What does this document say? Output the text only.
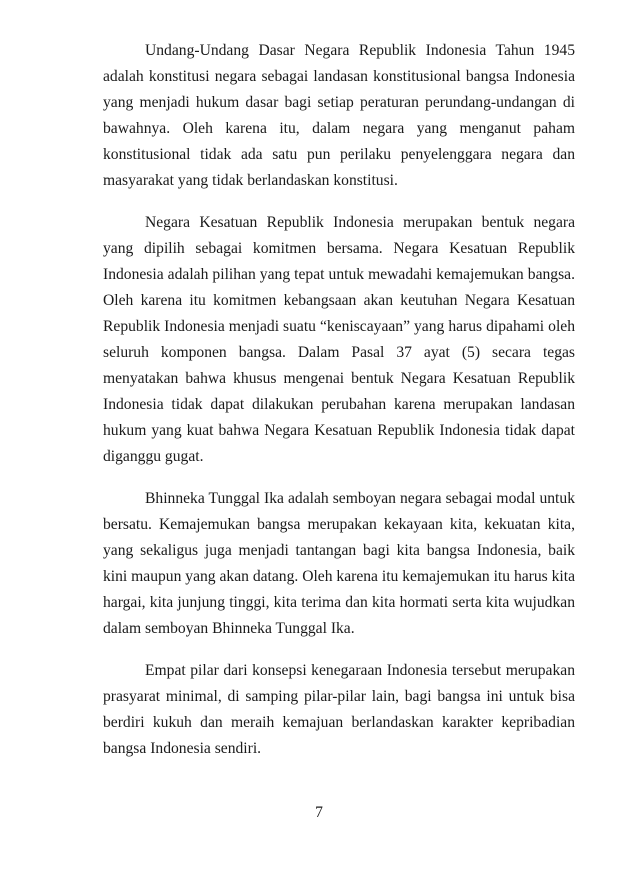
Undang-Undang Dasar Negara Republik Indonesia Tahun 1945 adalah konstitusi negara sebagai landasan konstitusional bangsa Indonesia yang menjadi hukum dasar bagi setiap peraturan perundang-undangan di bawahnya. Oleh karena itu, dalam negara yang menganut paham konstitusional tidak ada satu pun perilaku penyelenggara negara dan masyarakat yang tidak berlandaskan konstitusi.

Negara Kesatuan Republik Indonesia merupakan bentuk negara yang dipilih sebagai komitmen bersama. Negara Kesatuan Republik Indonesia adalah pilihan yang tepat untuk mewadahi kemajemukan bangsa. Oleh karena itu komitmen kebangsaan akan keutuhan Negara Kesatuan Republik Indonesia menjadi suatu “keniscayaan” yang harus dipahami oleh seluruh komponen bangsa. Dalam Pasal 37 ayat (5) secara tegas menyatakan bahwa khusus mengenai bentuk Negara Kesatuan Republik Indonesia tidak dapat dilakukan perubahan karena merupakan landasan hukum yang kuat bahwa Negara Kesatuan Republik Indonesia tidak dapat diganggu gugat.

Bhinneka Tunggal Ika adalah semboyan negara sebagai modal untuk bersatu. Kemajemukan bangsa merupakan kekayaan kita, kekuatan kita, yang sekaligus juga menjadi tantangan bagi kita bangsa Indonesia, baik kini maupun yang akan datang. Oleh karena itu kemajemukan itu harus kita hargai, kita junjung tinggi, kita terima dan kita hormati serta kita wujudkan dalam semboyan Bhinneka Tunggal Ika.

Empat pilar dari konsepsi kenegaraan Indonesia tersebut merupakan prasyarat minimal, di samping pilar-pilar lain, bagi bangsa ini untuk bisa berdiri kukuh dan meraih kemajuan berlandaskan karakter kepribadian bangsa Indonesia sendiri.

7
